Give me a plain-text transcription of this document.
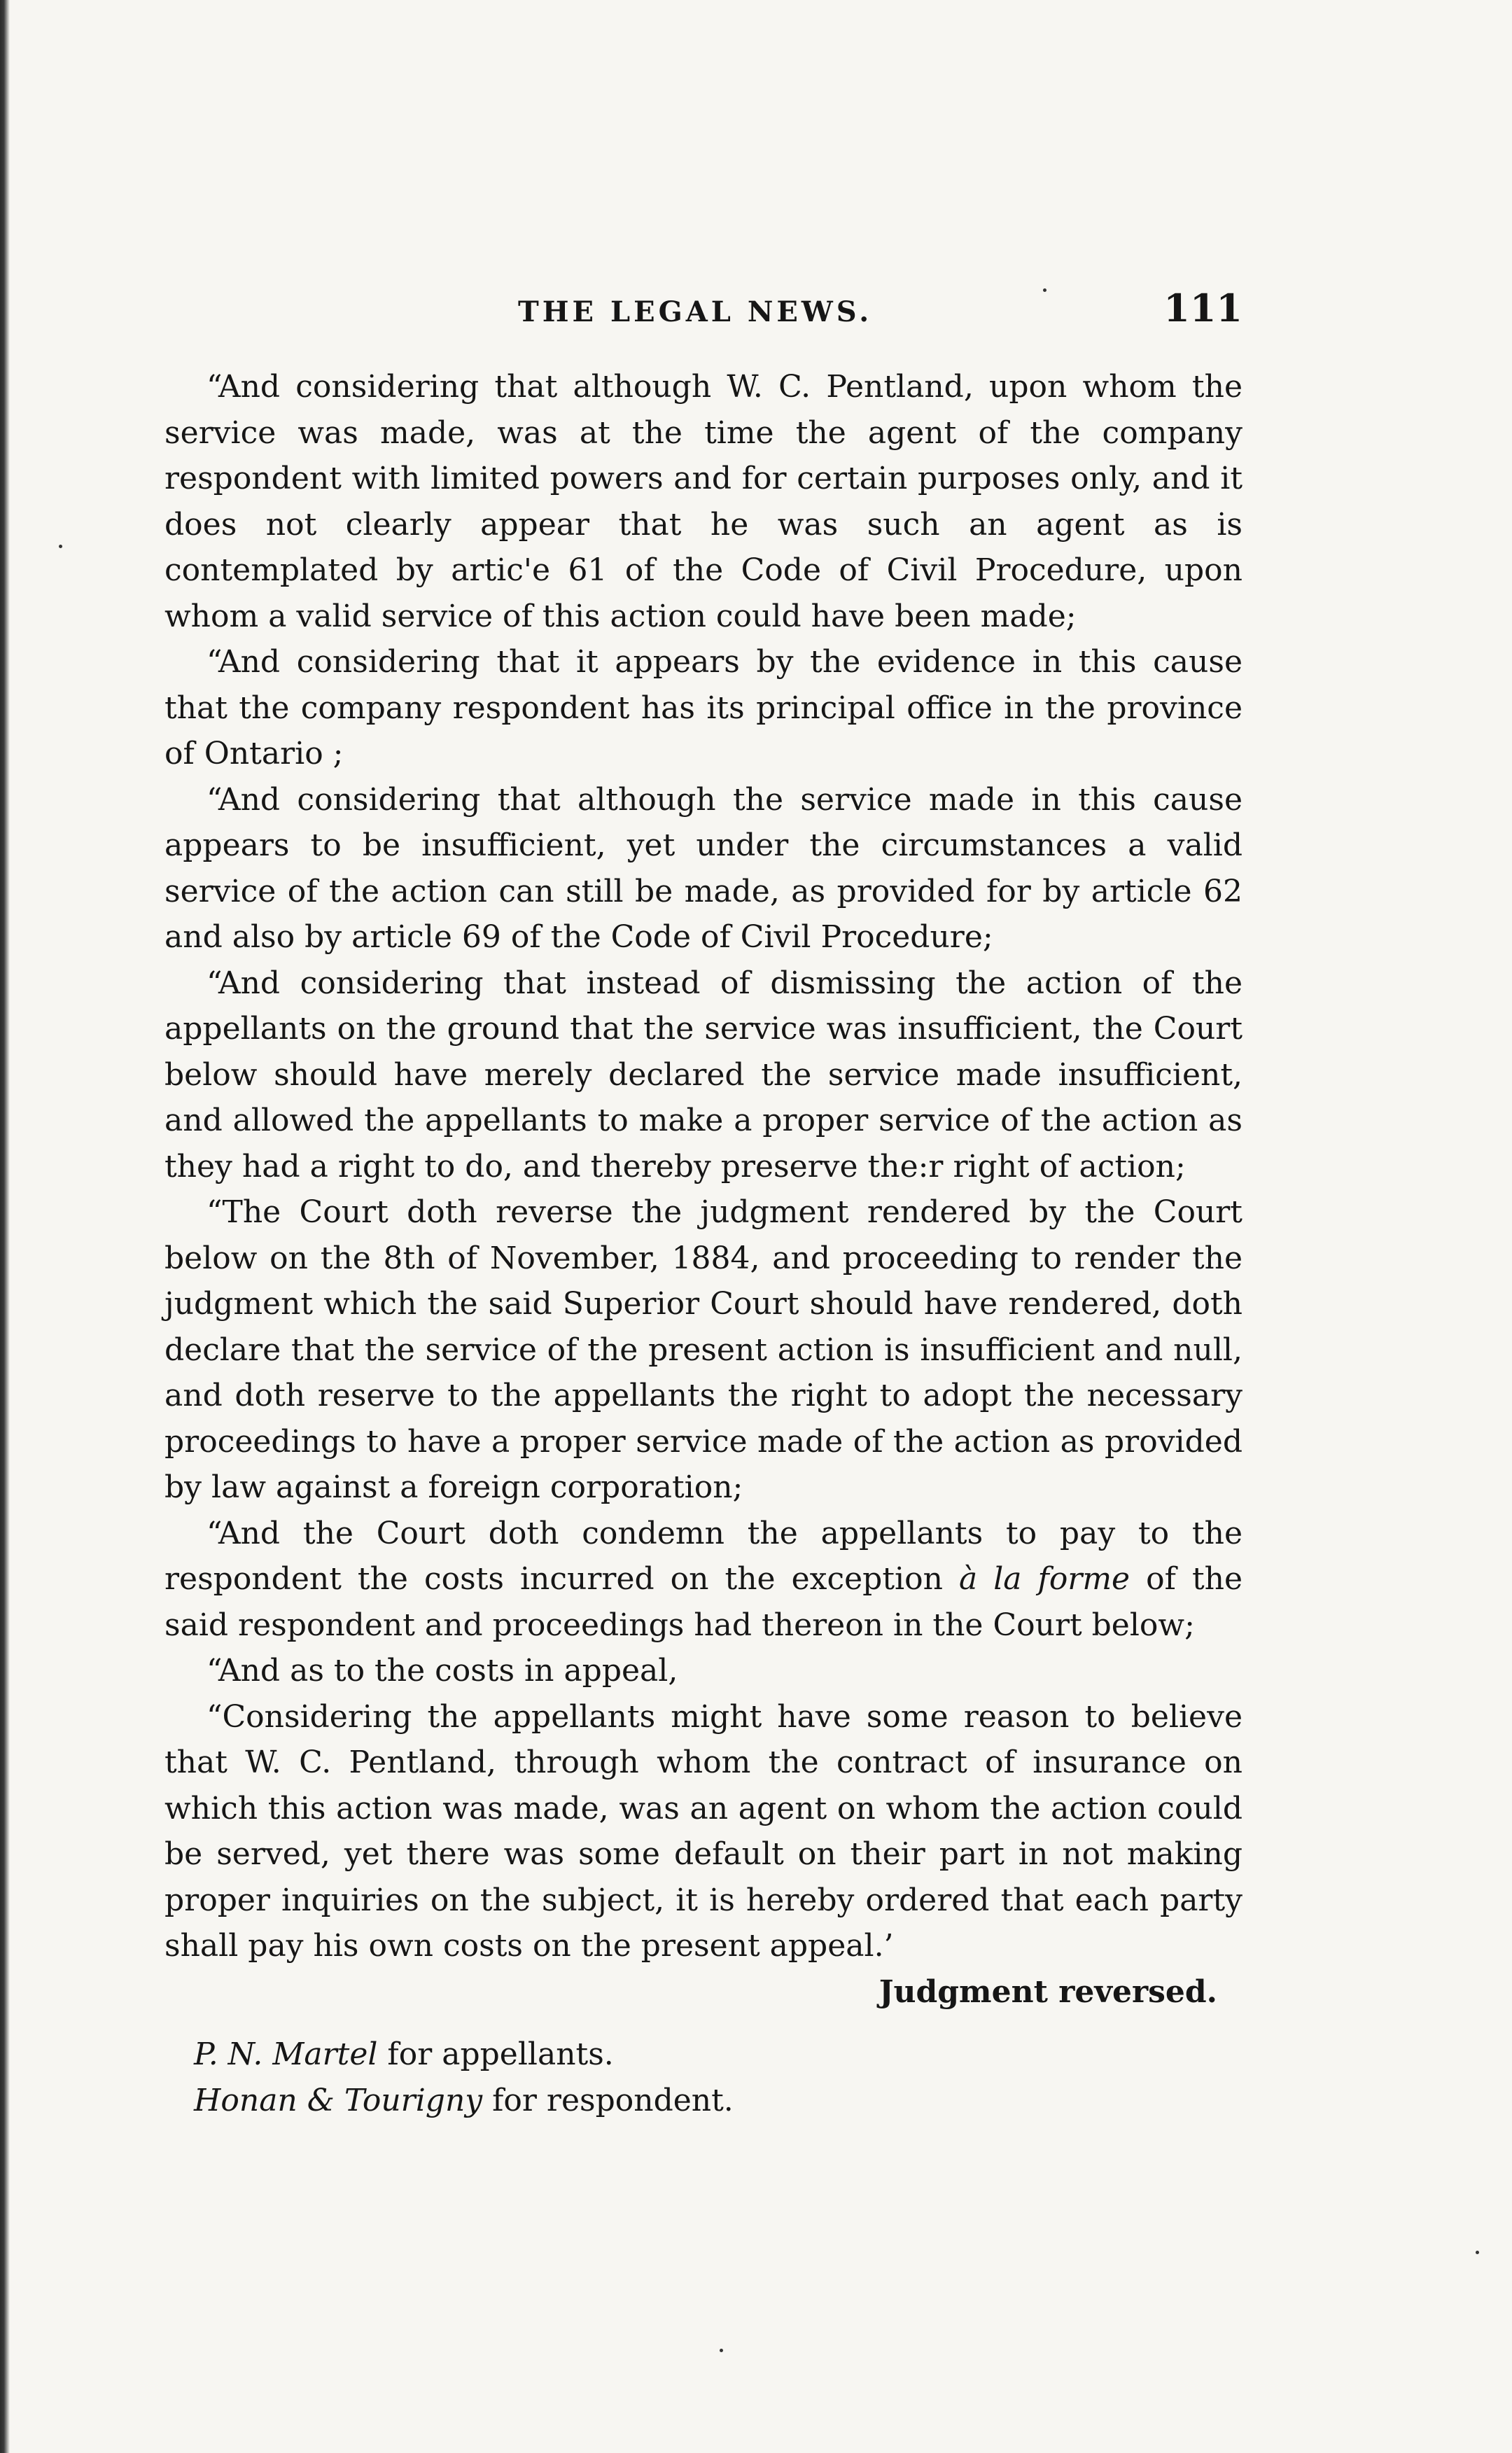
THE LEGAL NEWS.	111

“And considering that although W. C. Pentland, upon whom the service was made, was at the time the agent of the company respondent with limited powers and for certain purposes only, and it does not clearly appear that he was such an agent as is contemplated by artic'e 61 of the Code of Civil Procedure, upon whom a valid service of this action could have been made;

“And considering that it appears by the evidence in this cause that the company respondent has its principal office in the province of Ontario ;

“And considering that although the service made in this cause appears to be insufficient, yet under the circumstances a valid service of the action can still be made, as provided for by article 62 and also by article 69 of the Code of Civil Procedure;

“And considering that instead of dismissing the action of the appellants on the ground that the service was insufficient, the Court below should have merely declared the service made insufficient, and allowed the appellants to make a proper service of the action as they had a right to do, and thereby preserve the:r right of action;

“The Court doth reverse the judgment rendered by the Court below on the 8th of November, 1884, and proceeding to render the judgment which the said Superior Court should have rendered, doth declare that the service of the present action is insufficient and null, and doth reserve to the appellants the right to adopt the necessary proceedings to have a proper service made of the action as provided by law against a foreign corporation;

“And the Court doth condemn the appellants to pay to the respondent the costs incurred on the exception à la forme of the said respondent and proceedings had thereon in the Court below;

“And as to the costs in appeal,

“Considering the appellants might have some reason to believe that W. C. Pentland, through whom the contract of insurance on which this action was made, was an agent on whom the action could be served, yet there was some default on their part in not making proper inquiries on the subject, it is hereby ordered that each party shall pay his own costs on the present appeal.’

Judgment reversed.

P. N. Martel for appellants.

Honan & Tourigny for respondent.
